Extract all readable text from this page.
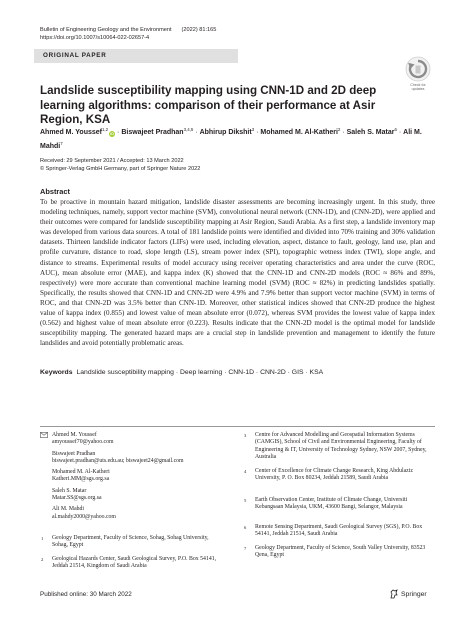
Bulletin of Engineering Geology and the Environment (2022) 81:165
https://doi.org/10.1007/s10064-022-02657-4
ORIGINAL PAPER
Check for
updates
Landslide susceptibility mapping using CNN-1D and 2D deep learning algorithms: comparison of their performance at Asir Region, KSA
Ahmed M. Youssef$^{1,2}$iD · Biswajeet Pradhan$^{3,4,5}$ · Abhirup Dikshit$^3$ · Mohamed M. Al-Katheri$^2$ · Saleh S. Matar$^6$ · Ali M. Mahdi$^7$
Received: 29 September 2021 / Accepted: 13 March 2022
© Springer-Verlag GmbH Germany, part of Springer Nature 2022
Abstract
To be proactive in mountain hazard mitigation, landslide disaster assessments are becoming increasingly urgent. In this study, three modeling techniques, namely, support vector machine (SVM), convolutional neural network (CNN-1D), and (CNN-2D), were applied and their outcomes were compared for landslide susceptibility mapping at Asir Region, Saudi Arabia. As a first step, a landslide inventory map was developed from various data sources. A total of 181 landslide points were identified and divided into 70% training and 30% validation datasets. Thirteen landslide indicator factors (LIFs) were used, including elevation, aspect, distance to fault, geology, land use, plan and profile curvature, distance to road, slope length (LS), stream power index (SPI), topographic wetness index (TWI), slope angle, and distance to streams. Experimental results of model accuracy using receiver operating characteristics and area under the curve (ROC, AUC), mean absolute error (MAE), and kappa index (K) showed that the CNN-1D and CNN-2D models (ROC ≈ 86% and 89%, respectively) were more accurate than conventional machine learning model (SVM) (ROC ≈ 82%) in predicting landslides spatially. Specifically, the results showed that CNN-1D and CNN-2D were 4.9% and 7.9% better than support vector machine (SVM) in terms of ROC, and that CNN-2D was 3.5% better than CNN-1D. Moreover, other statistical indices showed that CNN-2D produce the highest value of kappa index (0.855) and lowest value of mean absolute error (0.072), whereas SVM provides the lowest value of kappa index (0.562) and highest value of mean absolute error (0.223). Results indicate that the CNN-2D model is the optimal model for landslide susceptibility mapping. The generated hazard maps are a crucial step in landslide prevention and management to identify the future landslides and avoid potentially problematic areas.
Keywords Landslide susceptibility mapping · Deep learning · CNN-1D · CNN-2D · GIS · KSA
Ahmed M. Youssef
amyoussef70@yahoo.com
Biswajeet Pradhan
biswajeet.pradhan@uts.edu.au; biswajeet24@gmail.com
Mohamed M. Al-Katheri
Katheri.MM@sgs.org.sa
Saleh S. Matar
Matar.SS@sgs.org.sa
Ali M. Mahdi
al.mahdy2000@yahoo.com
1 Geology Department, Faculty of Science, Sohag, Sohag University, Sohag, Egypt
2 Geological Hazards Center, Saudi Geological Survey, P.O. Box 54141, Jeddah 21514, Kingdom of Saudi Arabia
3 Centre for Advanced Modelling and Geospatial Information Systems (CAMGIS), School of Civil and Environmental Engineering, Faculty of Engineering & IT, University of Technology Sydney, NSW 2007, Sydney, Australia
4 Center of Excellence for Climate Change Research, King Abdulaziz University, P. O. Box 80234, Jeddah 21589, Saudi Arabia
5 Earth Observation Center, Institute of Climate Change, Universiti Kebangsaan Malaysia, UKM, 43600 Bangi, Selangor, Malaysia
6 Remote Sensing Department, Saudi Geological Survey (SGS), P.O. Box 54141, Jeddah 21514, Saudi Arabia
7 Geology Department, Faculty of Science, South Valley University, 83523 Qena, Egypt
Published online: 30 March 2022	Springer
